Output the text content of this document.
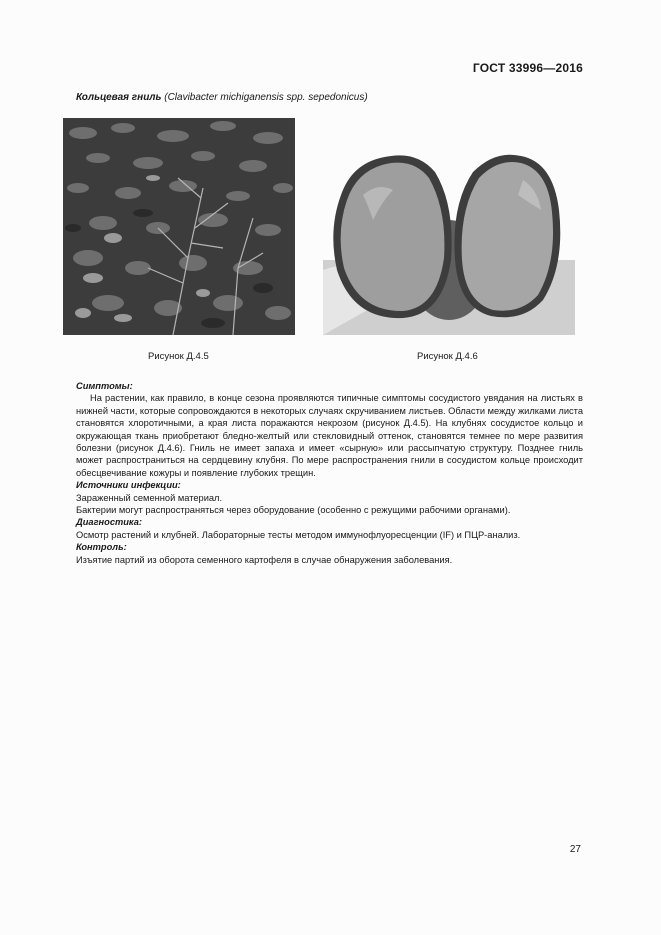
ГОСТ 33996—2016
Кольцевая гниль (Clavibacter michiganensis spp. sepedonicus)
Рисунок Д.4.5	Рисунок Д.4.6

Симптомы:

На растении, как правило, в конце сезона проявляются типичные симптомы сосудистого увядания на листьях в нижней части, которые сопровождаются в некоторых случаях скручиванием листьев. Области между жилками листа становятся хлоротичными, а края листа поражаются некрозом (рисунок Д.4.5). На клубнях сосудистое кольцо и окружающая ткань приобретают бледно-желтый или стекловидный оттенок, становятся темнее по мере развития болезни (рисунок Д.4.6). Гниль не имеет запаха и имеет «сырную» или рассыпчатую структуру. Позднее гниль может распространиться на сердцевину клубня. По мере распространения гнили в сосудистом кольце происходит обесцвечивание кожуры и появление глубоких трещин.

Источники инфекции:

Зараженный семенной материал.

Бактерии могут распространяться через оборудование (особенно с режущими рабочими органами).

Диагностика:

Осмотр растений и клубней. Лабораторные тесты методом иммунофлуоресценции (IF) и ПЦР-анализ.

Контроль:

Изъятие партий из оборота семенного картофеля в случае обнаружения заболевания.

27
